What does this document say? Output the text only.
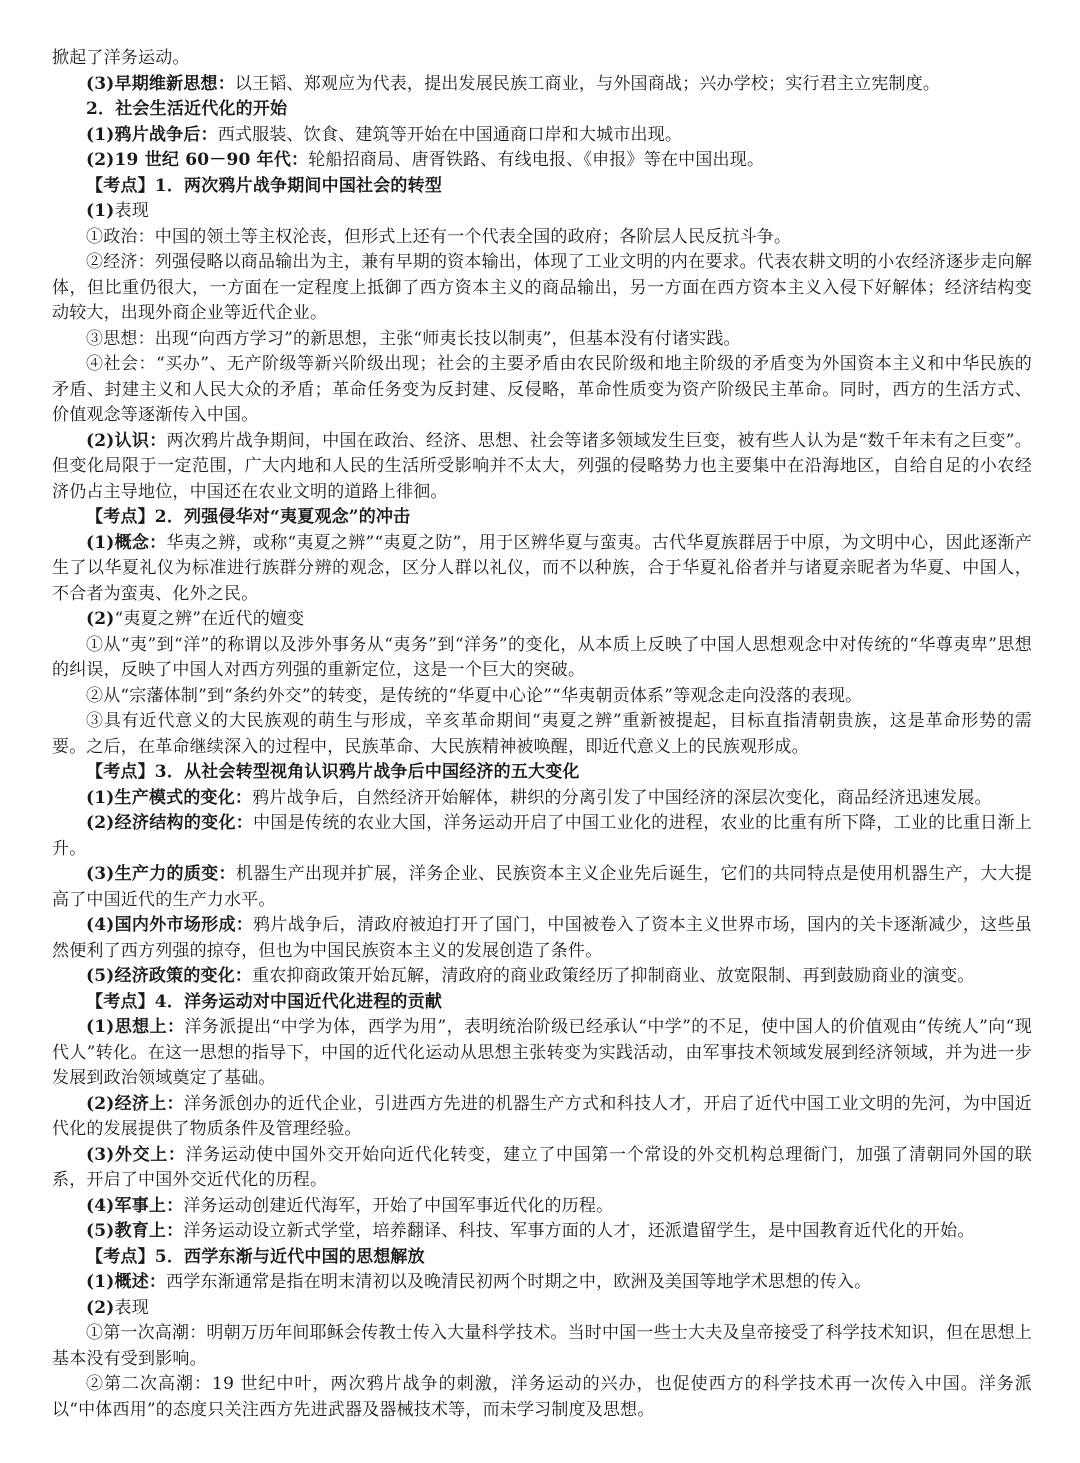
掀起了洋务运动。

(3)早期维新思想：以王韬、郑观应为代表，提出发展民族工商业，与外国商战；兴办学校；实行君主立宪制度。

2．社会生活近代化的开始

(1)鸦片战争后：西式服装、饮食、建筑等开始在中国通商口岸和大城市出现。

(2)19 世纪 60－90 年代：轮船招商局、唐胥铁路、有线电报、《申报》等在中国出现。

【考点】1．两次鸦片战争期间中国社会的转型

(1)表现

①政治：中国的领土等主权沦丧，但形式上还有一个代表全国的政府；各阶层人民反抗斗争。

②经济：列强侵略以商品输出为主，兼有早期的资本输出，体现了工业文明的内在要求。代表农耕文明的小农经济逐步走向解体，但比重仍很大，一方面在一定程度上抵御了西方资本主义的商品输出，另一方面在西方资本主义入侵下好解体；经济结构变动较大，出现外商企业等近代企业。

③思想：出现“向西方学习”的新思想，主张“师夷长技以制夷”，但基本没有付诸实践。

④社会：“买办”、无产阶级等新兴阶级出现；社会的主要矛盾由农民阶级和地主阶级的矛盾变为外国资本主义和中华民族的矛盾、封建主义和人民大众的矛盾；革命任务变为反封建、反侵略，革命性质变为资产阶级民主革命。同时，西方的生活方式、价值观念等逐渐传入中国。

(2)认识：两次鸦片战争期间，中国在政治、经济、思想、社会等诸多领域发生巨变，被有些人认为是“数千年未有之巨变”。但变化局限于一定范围，广大内地和人民的生活所受影响并不太大，列强的侵略势力也主要集中在沿海地区，自给自足的小农经济仍占主导地位，中国还在农业文明的道路上徘徊。

【考点】2．列强侵华对“夷夏观念”的冲击

(1)概念：华夷之辨，或称“夷夏之辨”“夷夏之防”，用于区辨华夏与蛮夷。古代华夏族群居于中原，为文明中心，因此逐渐产生了以华夏礼仪为标准进行族群分辨的观念，区分人群以礼仪，而不以种族，合于华夏礼俗者并与诸夏亲昵者为华夏、中国人，不合者为蛮夷、化外之民。

(2)“夷夏之辨”在近代的嬗变

①从“夷”到“洋”的称谓以及涉外事务从“夷务”到“洋务”的变化，从本质上反映了中国人思想观念中对传统的“华尊夷卑”思想的纠误，反映了中国人对西方列强的重新定位，这是一个巨大的突破。

②从“宗藩体制”到“条约外交”的转变，是传统的“华夏中心论”“华夷朝贡体系”等观念走向没落的表现。

③具有近代意义的大民族观的萌生与形成，辛亥革命期间“夷夏之辨”重新被提起，目标直指清朝贵族，这是革命形势的需要。之后，在革命继续深入的过程中，民族革命、大民族精神被唤醒，即近代意义上的民族观形成。

【考点】3．从社会转型视角认识鸦片战争后中国经济的五大变化

(1)生产模式的变化：鸦片战争后，自然经济开始解体，耕织的分离引发了中国经济的深层次变化，商品经济迅速发展。

(2)经济结构的变化：中国是传统的农业大国，洋务运动开启了中国工业化的进程，农业的比重有所下降，工业的比重日渐上升。

(3)生产力的质变：机器生产出现并扩展，洋务企业、民族资本主义企业先后诞生，它们的共同特点是使用机器生产，大大提高了中国近代的生产力水平。

(4)国内外市场形成：鸦片战争后，清政府被迫打开了国门，中国被卷入了资本主义世界市场，国内的关卡逐渐减少，这些虽然便利了西方列强的掠夺，但也为中国民族资本主义的发展创造了条件。

(5)经济政策的变化：重农抑商政策开始瓦解，清政府的商业政策经历了抑制商业、放宽限制、再到鼓励商业的演变。

【考点】4．洋务运动对中国近代化进程的贡献

(1)思想上：洋务派提出“中学为体，西学为用”，表明统治阶级已经承认“中学”的不足，使中国人的价值观由“传统人”向“现代人”转化。在这一思想的指导下，中国的近代化运动从思想主张转变为实践活动，由军事技术领域发展到经济领域，并为进一步发展到政治领域奠定了基础。

(2)经济上：洋务派创办的近代企业，引进西方先进的机器生产方式和科技人才，开启了近代中国工业文明的先河，为中国近代化的发展提供了物质条件及管理经验。

(3)外交上：洋务运动使中国外交开始向近代化转变，建立了中国第一个常设的外交机构总理衙门，加强了清朝同外国的联系，开启了中国外交近代化的历程。

(4)军事上：洋务运动创建近代海军，开始了中国军事近代化的历程。

(5)教育上：洋务运动设立新式学堂，培养翻译、科技、军事方面的人才，还派遣留学生，是中国教育近代化的开始。

【考点】5．西学东渐与近代中国的思想解放

(1)概述：西学东渐通常是指在明末清初以及晚清民初两个时期之中，欧洲及美国等地学术思想的传入。

(2)表现

①第一次高潮：明朝万历年间耶稣会传教士传入大量科学技术。当时中国一些士大夫及皇帝接受了科学技术知识，但在思想上基本没有受到影响。

②第二次高潮：19 世纪中叶，两次鸦片战争的刺激，洋务运动的兴办，也促使西方的科学技术再一次传入中国。洋务派以“中体西用”的态度只关注西方先进武器及器械技术等，而未学习制度及思想。
